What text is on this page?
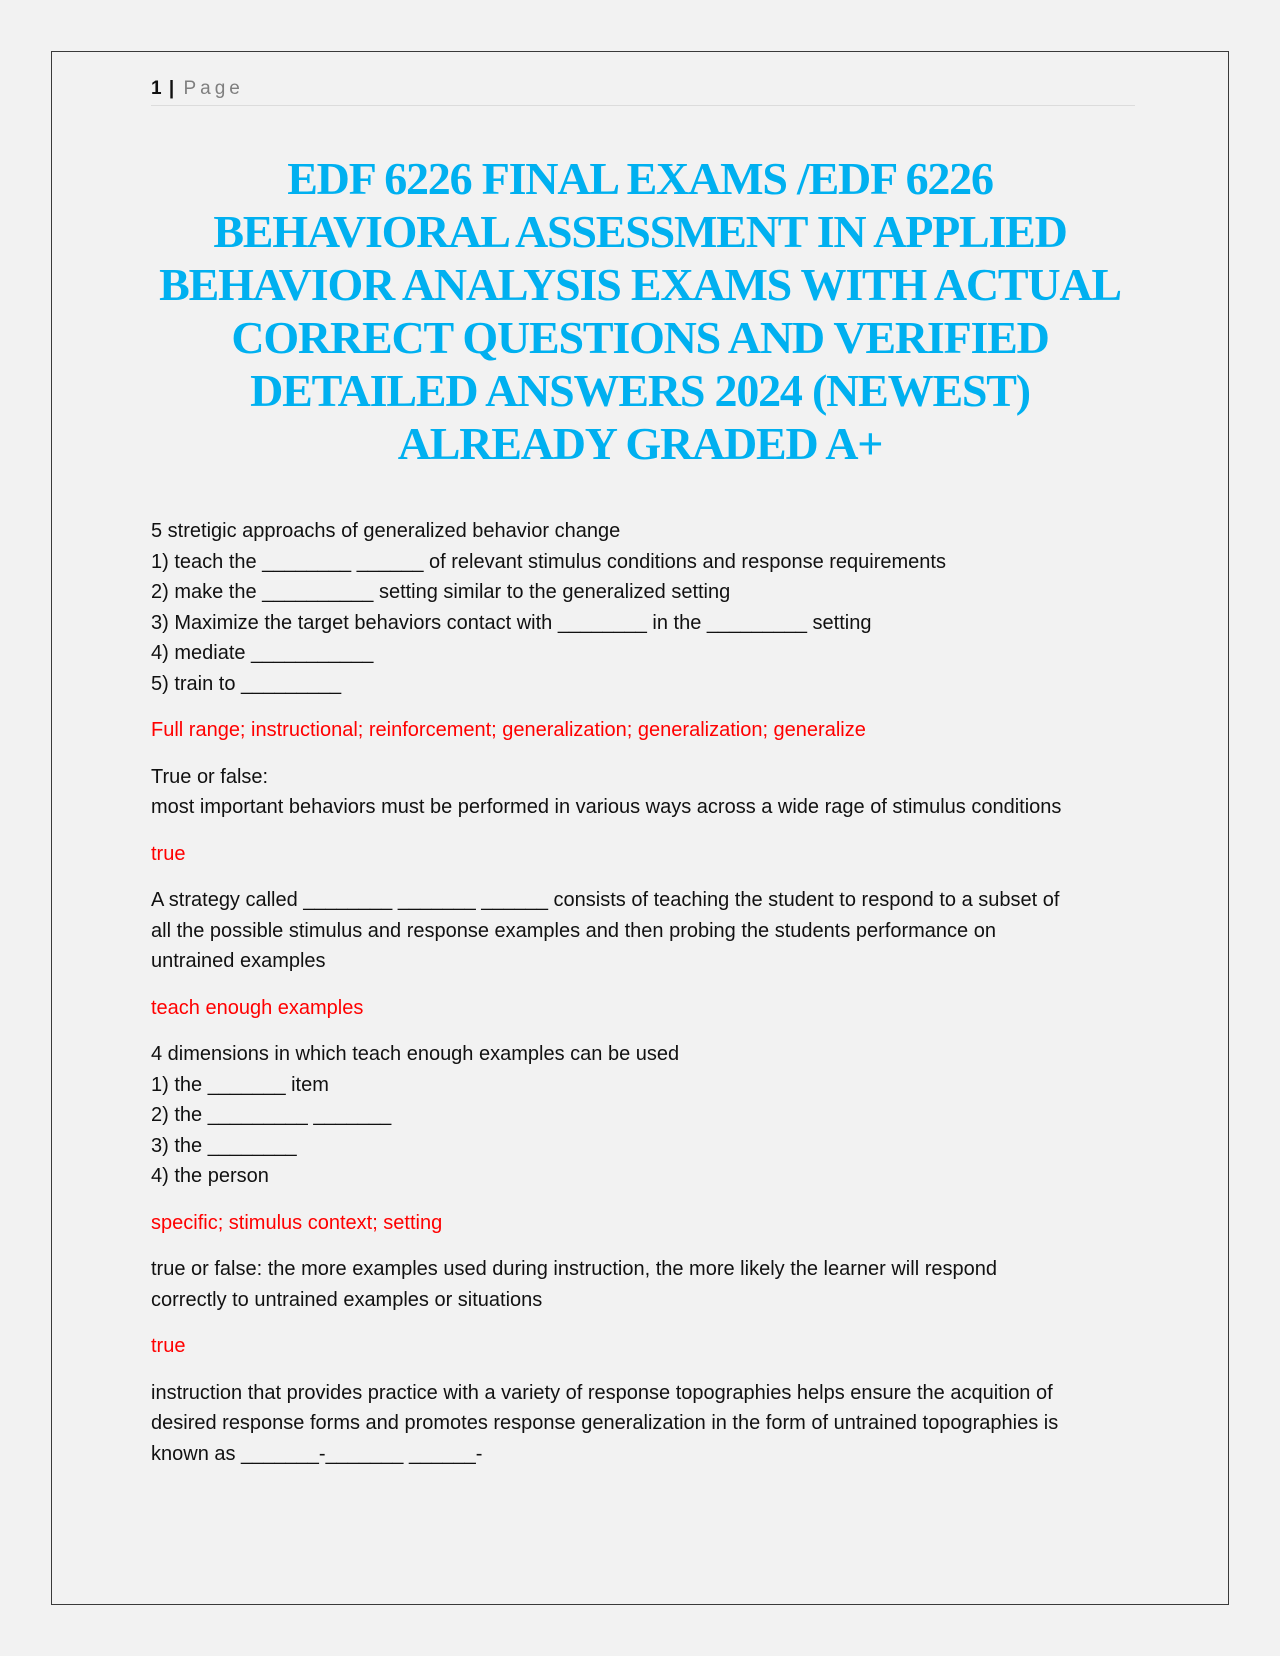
1 | Page
EDF 6226 FINAL EXAMS /EDF 6226
BEHAVIORAL ASSESSMENT IN APPLIED
BEHAVIOR ANALYSIS EXAMS WITH ACTUAL
CORRECT QUESTIONS AND VERIFIED
DETAILED ANSWERS 2024 (NEWEST)
ALREADY GRADED A+

5 stretigic approachs of generalized behavior change
1) teach the ________ ______ of relevant stimulus conditions and response requirements
2) make the __________ setting similar to the generalized setting
3) Maximize the target behaviors contact with ________ in the _________ setting
4) mediate ___________
5) train to _________

Full range; instructional; reinforcement; generalization; generalization; generalize

True or false:
most important behaviors must be performed in various ways across a wide rage of stimulus conditions

true

A strategy called ________ _______ ______ consists of teaching the student to respond to a subset of
all the possible stimulus and response examples and then probing the students performance on
untrained examples

teach enough examples

4 dimensions in which teach enough examples can be used
1) the _______ item
2) the _________ _______
3) the ________
4) the person

specific; stimulus context; setting

true or false: the more examples used during instruction, the more likely the learner will respond
correctly to untrained examples or situations

true

instruction that provides practice with a variety of response topographies helps ensure the acquition of
desired response forms and promotes response generalization in the form of untrained topographies is
known as _______-_______ ______-
